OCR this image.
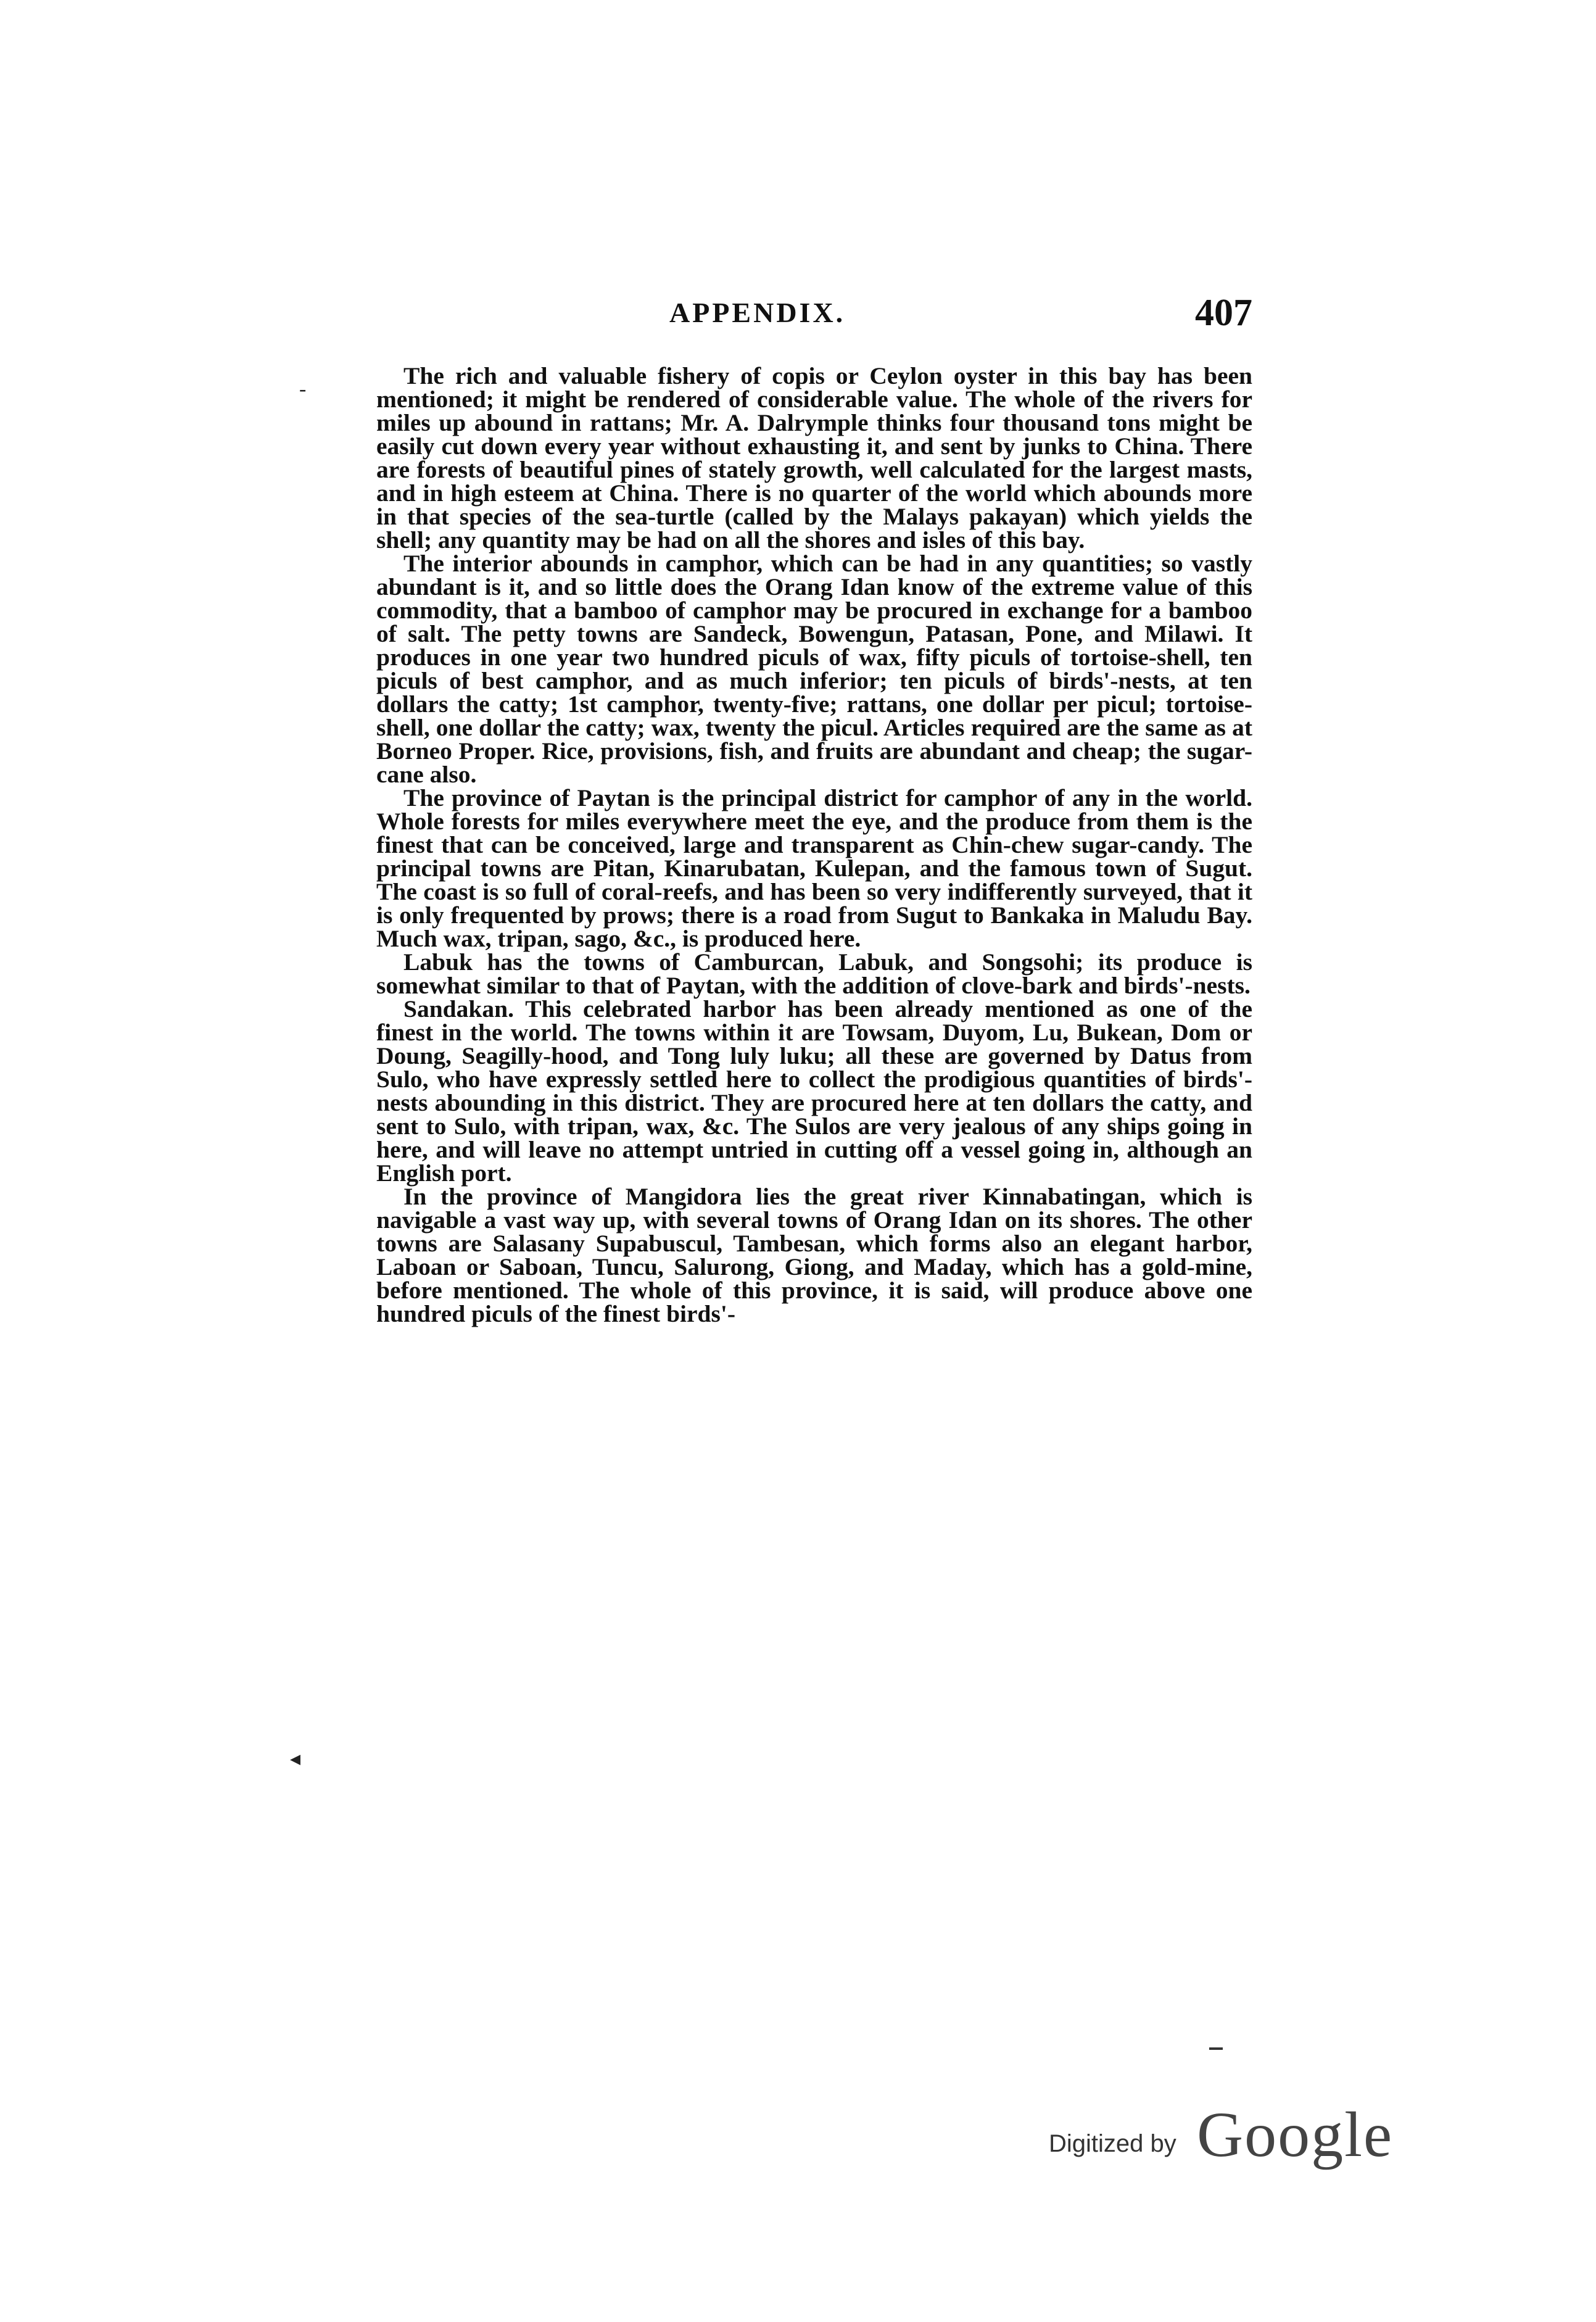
APPENDIX.	407
-
◂

The rich and valuable fishery of copis or Ceylon oyster in this bay has been mentioned; it might be rendered of considerable value. The whole of the rivers for miles up abound in rattans; Mr. A. Dalrymple thinks four thousand tons might be easily cut down every year without exhausting it, and sent by junks to China. There are forests of beautiful pines of stately growth, well calculated for the largest masts, and in high esteem at China. There is no quarter of the world which abounds more in that species of the sea-turtle (called by the Malays pakayan) which yields the shell; any quantity may be had on all the shores and isles of this bay.

The interior abounds in camphor, which can be had in any quantities; so vastly abundant is it, and so little does the Orang Idan know of the extreme value of this commodity, that a bamboo of camphor may be procured in exchange for a bamboo of salt. The petty towns are Sandeck, Bowengun, Patasan, Pone, and Milawi. It produces in one year two hundred piculs of wax, fifty piculs of tortoise-shell, ten piculs of best camphor, and as much inferior; ten piculs of birds'-nests, at ten dollars the catty; 1st camphor, twenty-five; rattans, one dollar per picul; tortoise-shell, one dollar the catty; wax, twenty the picul. Articles required are the same as at Borneo Proper. Rice, provisions, fish, and fruits are abundant and cheap; the sugar-cane also.

The province of Paytan is the principal district for camphor of any in the world. Whole forests for miles everywhere meet the eye, and the produce from them is the finest that can be conceived, large and transparent as Chin-chew sugar-candy. The principal towns are Pitan, Kinarubatan, Kulepan, and the famous town of Sugut. The coast is so full of coral-reefs, and has been so very indifferently surveyed, that it is only frequented by prows; there is a road from Sugut to Bankaka in Maludu Bay. Much wax, tripan, sago, &c., is produced here.

Labuk has the towns of Camburcan, Labuk, and Songsohi; its produce is somewhat similar to that of Paytan, with the addition of clove-bark and birds'-nests.

Sandakan. This celebrated harbor has been already mentioned as one of the finest in the world. The towns within it are Towsam, Duyom, Lu, Bukean, Dom or Doung, Seagilly-hood, and Tong luly luku; all these are governed by Datus from Sulo, who have expressly settled here to collect the prodigious quantities of birds'-nests abounding in this district. They are procured here at ten dollars the catty, and sent to Sulo, with tripan, wax, &c. The Sulos are very jealous of any ships going in here, and will leave no attempt untried in cutting off a vessel going in, although an English port.

In the province of Mangidora lies the great river Kinnabatingan, which is navigable a vast way up, with several towns of Orang Idan on its shores. The other towns are Salasany Supabuscul, Tambesan, which forms also an elegant harbor, Laboan or Saboan, Tuncu, Salurong, Giong, and Maday, which has a gold-mine, before mentioned. The whole of this province, it is said, will produce above one hundred piculs of the finest birds'-

Digitized by Google
